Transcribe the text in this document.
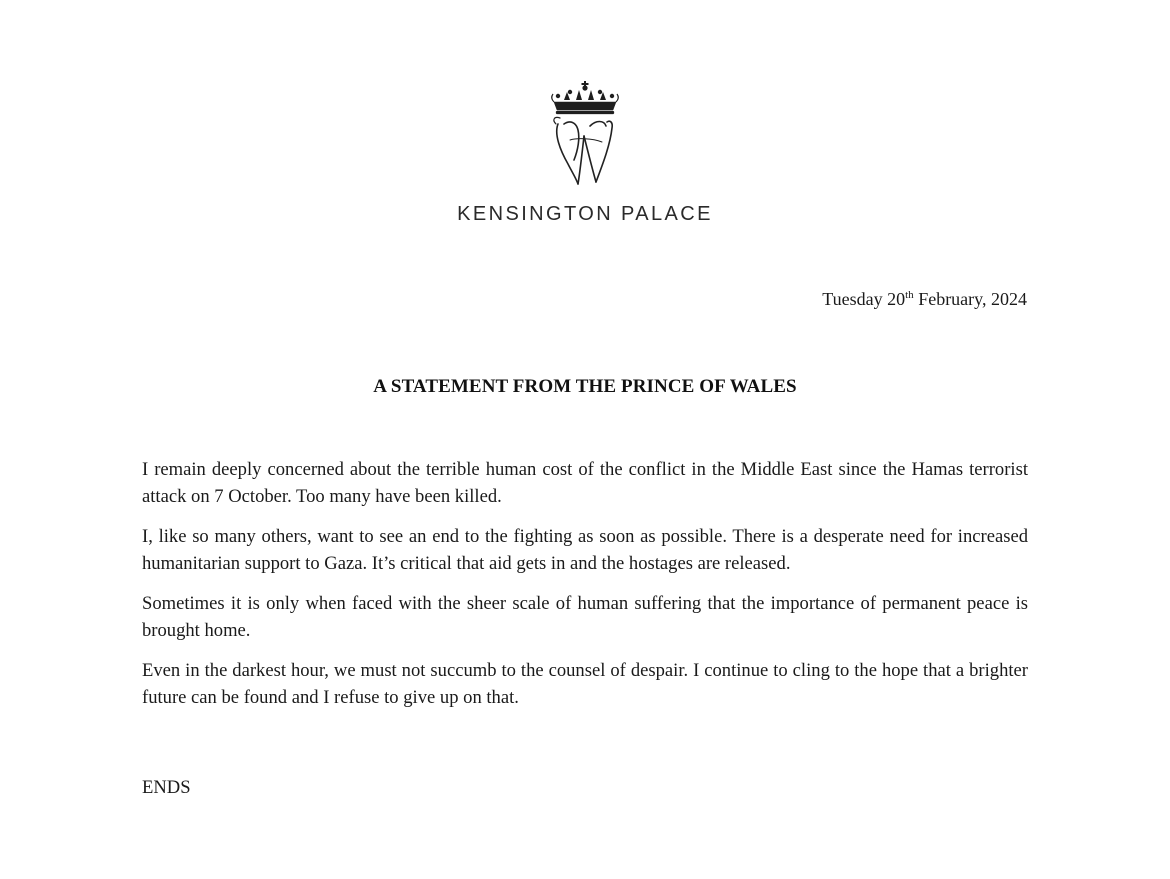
KENSINGTON PALACE
Tuesday 20th February, 2024
A STATEMENT FROM THE PRINCE OF WALES

I remain deeply concerned about the terrible human cost of the conflict in the Middle East since the Hamas terrorist attack on 7 October. Too many have been killed.

I, like so many others, want to see an end to the fighting as soon as possible. There is a desperate need for increased humanitarian support to Gaza. It’s critical that aid gets in and the hostages are released.

Sometimes it is only when faced with the sheer scale of human suffering that the importance of permanent peace is brought home.

Even in the darkest hour, we must not succumb to the counsel of despair. I continue to cling to the hope that a brighter future can be found and I refuse to give up on that.

ENDS
